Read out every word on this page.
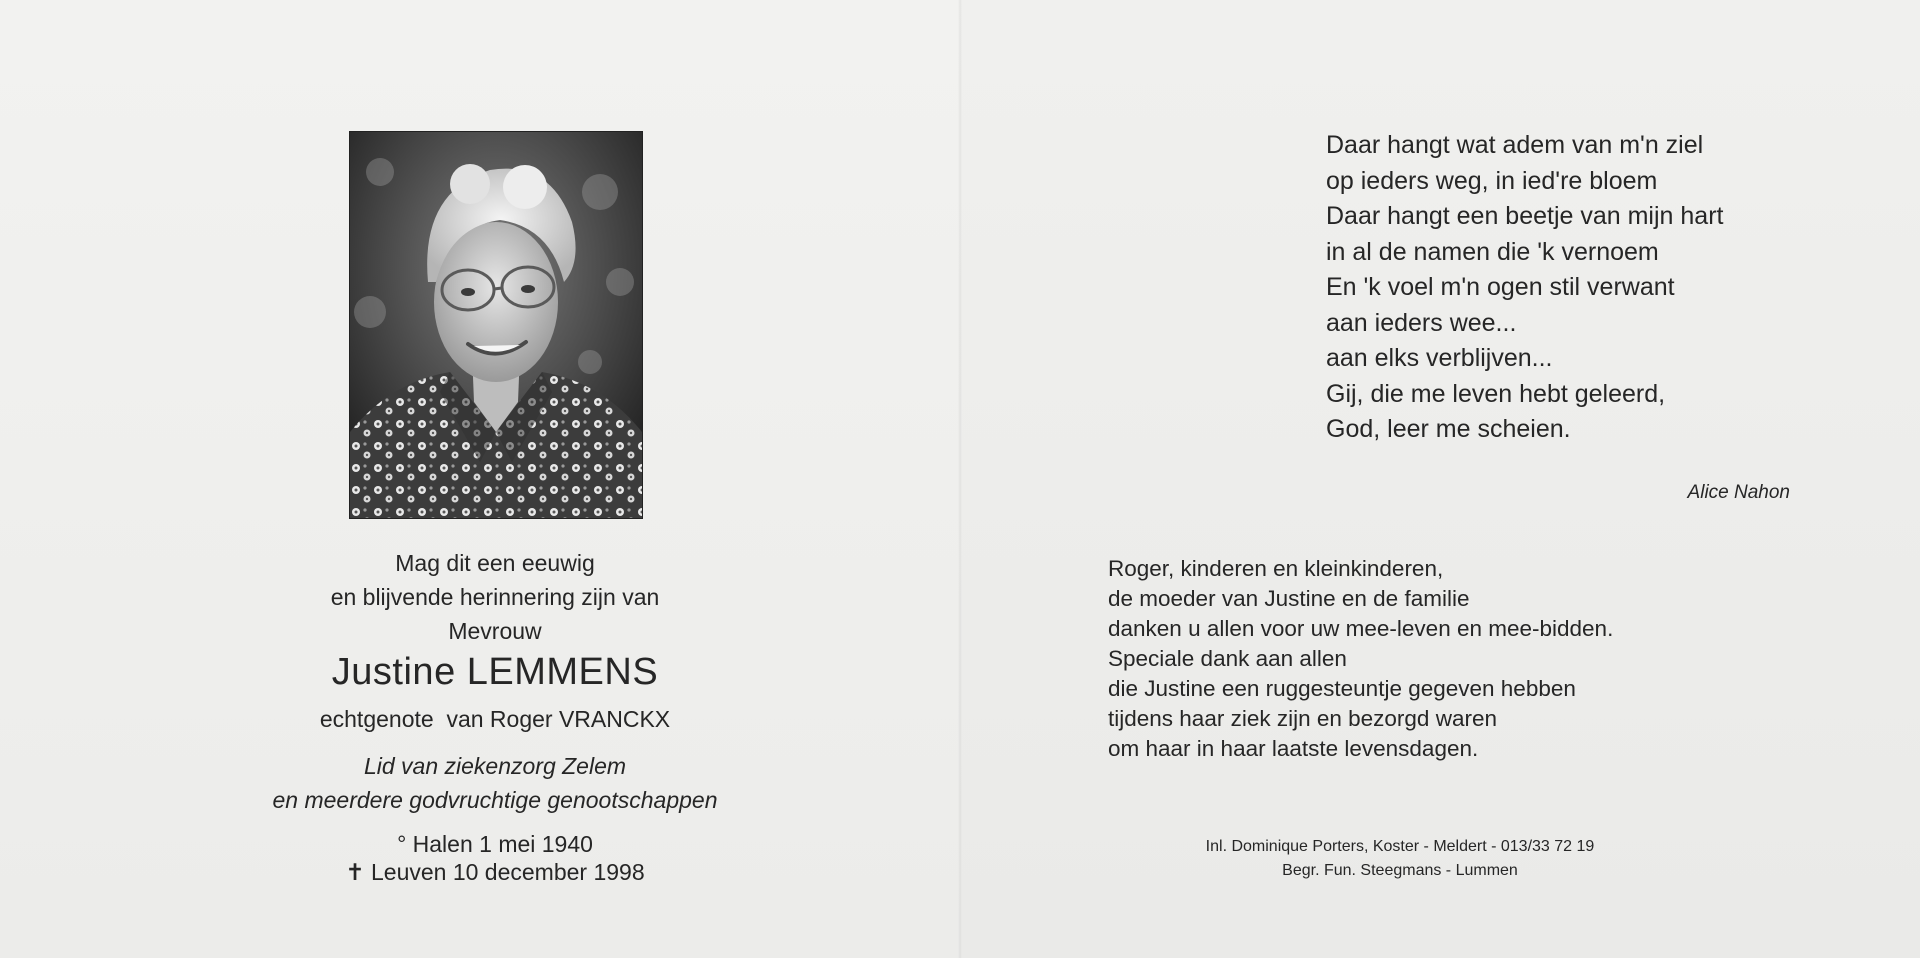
Mag dit een eeuwig
en blijvende herinnering zijn van
Mevrouw
Justine LEMMENS
echtgenote  van Roger VRANCKX
Lid van ziekenzorg Zelem
en meerdere godvruchtige genootschappen
° Halen 1 mei 1940
✝ Leuven 10 december 1998
Daar hangt wat adem van m'n ziel
op ieders weg, in ied're bloem
Daar hangt een beetje van mijn hart
in al de namen die 'k vernoem
En 'k voel m'n ogen stil verwant
aan ieders wee...
aan elks verblijven...
Gij, die me leven hebt geleerd,
God, leer me scheien.
Alice Nahon
Roger, kinderen en kleinkinderen,
de moeder van Justine en de familie
danken u allen voor uw mee-leven en mee-bidden.
Speciale dank aan allen
die Justine een ruggesteuntje gegeven hebben
tijdens haar ziek zijn en bezorgd waren
om haar in haar laatste levensdagen.
Inl. Dominique Porters, Koster - Meldert - 013/33 72 19
Begr. Fun. Steegmans - Lummen
